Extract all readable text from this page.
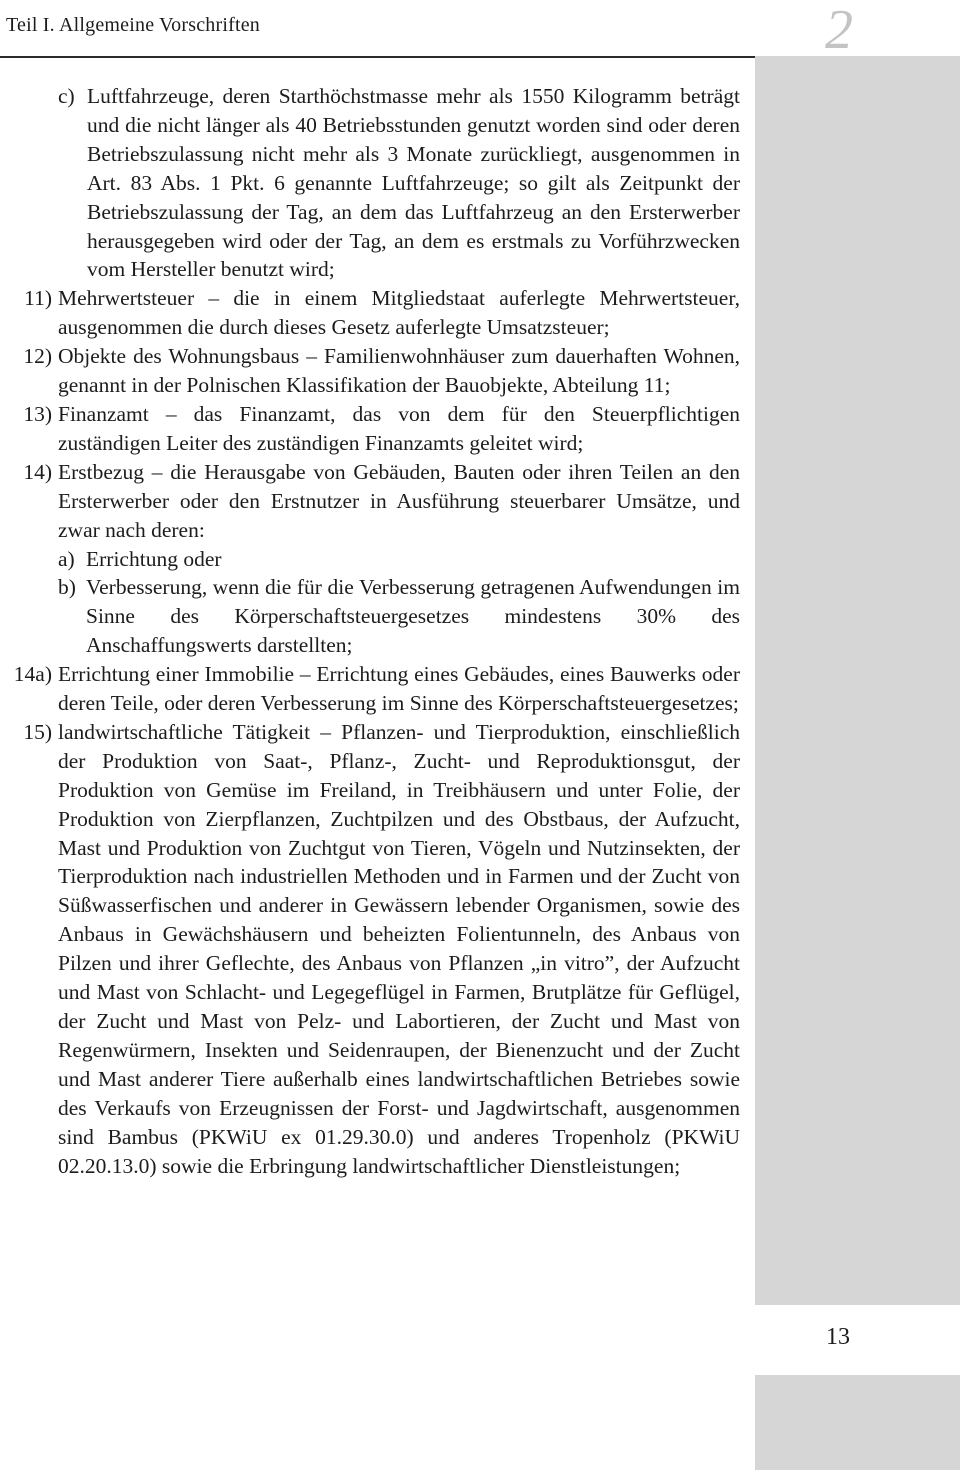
Teil I. Allgemeine Vorschriften	2
13
c) Luftfahrzeuge, deren Starthöchstmasse mehr als 1550 Kilogramm beträgt und die nicht länger als 40 Betriebsstunden genutzt worden sind oder deren Betriebszulassung nicht mehr als 3 Monate zurückliegt, ausgenommen in Art. 83 Abs. 1 Pkt. 6 genannte Luftfahrzeuge; so gilt als Zeitpunkt der Betriebszulassung der Tag, an dem das Luftfahrzeug an den Ersterwerber herausgegeben wird oder der Tag, an dem es erstmals zu Vorführzwecken vom Hersteller benutzt wird;
11) Mehrwertsteuer – die in einem Mitgliedstaat auferlegte Mehrwertsteuer, ausgenommen die durch dieses Gesetz auferlegte Umsatzsteuer;
12) Objekte des Wohnungsbaus – Familienwohnhäuser zum dauerhaften Wohnen, genannt in der Polnischen Klassifikation der Bauobjekte, Abteilung 11;
13) Finanzamt – das Finanzamt, das von dem für den Steuerpflichtigen zuständigen Leiter des zuständigen Finanzamts geleitet wird;
14) Erstbezug – die Herausgabe von Gebäuden, Bauten oder ihren Teilen an den Ersterwerber oder den Erstnutzer in Ausführung steuerbarer Umsätze, und zwar nach deren:
a) Errichtung oder
b) Verbesserung, wenn die für die Verbesserung getragenen Aufwendungen im Sinne des Körperschaftsteuergesetzes mindestens 30% des Anschaffungswerts darstellten;
14a) Errichtung einer Immobilie – Errichtung eines Gebäudes, eines Bauwerks oder deren Teile, oder deren Verbesserung im Sinne des Körperschaftsteuergesetzes;
15) landwirtschaftliche Tätigkeit – Pflanzen- und Tierproduktion, einschließlich der Produktion von Saat-, Pflanz-, Zucht- und Reproduktionsgut, der Produktion von Gemüse im Freiland, in Treibhäusern und unter Folie, der Produktion von Zierpflanzen, Zuchtpilzen und des Obstbaus, der Aufzucht, Mast und Produktion von Zuchtgut von Tieren, Vögeln und Nutzinsekten, der Tierproduktion nach industriellen Methoden und in Farmen und der Zucht von Süßwasserfischen und anderer in Gewässern lebender Organismen, sowie des Anbaus in Gewächshäusern und beheizten Folientunneln, des Anbaus von Pilzen und ihrer Geflechte, des Anbaus von Pflanzen „in vitro”, der Aufzucht und Mast von Schlacht- und Legegeflügel in Farmen, Brutplätze für Geflügel, der Zucht und Mast von Pelz- und Labortieren, der Zucht und Mast von Regenwürmern, Insekten und Seidenraupen, der Bienenzucht und der Zucht und Mast anderer Tiere außerhalb eines landwirtschaftlichen Betriebes sowie des Verkaufs von Erzeugnissen der Forst- und Jagdwirtschaft, ausgenommen sind Bambus (PKWiU ex 01.29.30.0) und anderes Tropenholz (PKWiU 02.20.13.0) sowie die Erbringung landwirtschaftlicher Dienstleistungen;
